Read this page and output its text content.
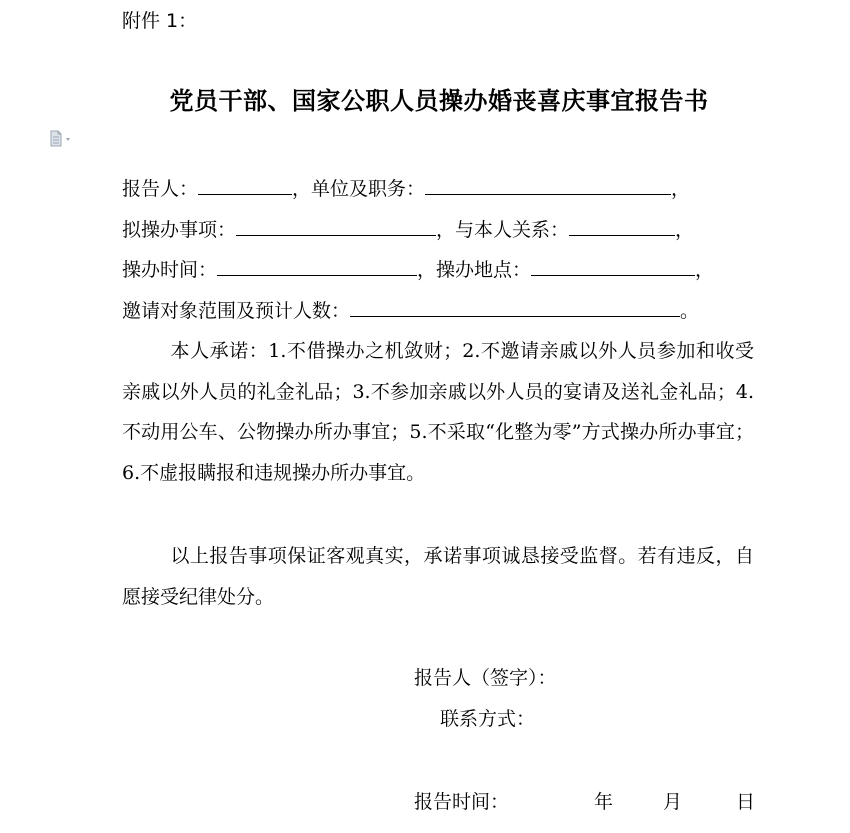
附件 1：
党员干部、国家公职人员操办婚丧喜庆事宜报告书
报告人：	，单位及职务：	，
拟操办事项：	，与本人关系：	，
操办时间：	，操办地点：	，
邀请对象范围及预计人数：	。
本人承诺：1.不借操办之机敛财；2.不邀请亲戚以外人员参加和收受亲戚以外人员的礼金礼品；3.不参加亲戚以外人员的宴请及送礼金礼品；4.不动用公车、公物操办所办事宜；5.不采取“化整为零”方式操办所办事宜；6.不虚报瞒报和违规操办所办事宜。
以上报告事项保证客观真实，承诺事项诚恳接受监督。若有违反，自愿接受纪律处分。
报告人（签字）：
联系方式：
报告时间：	年	月	日
